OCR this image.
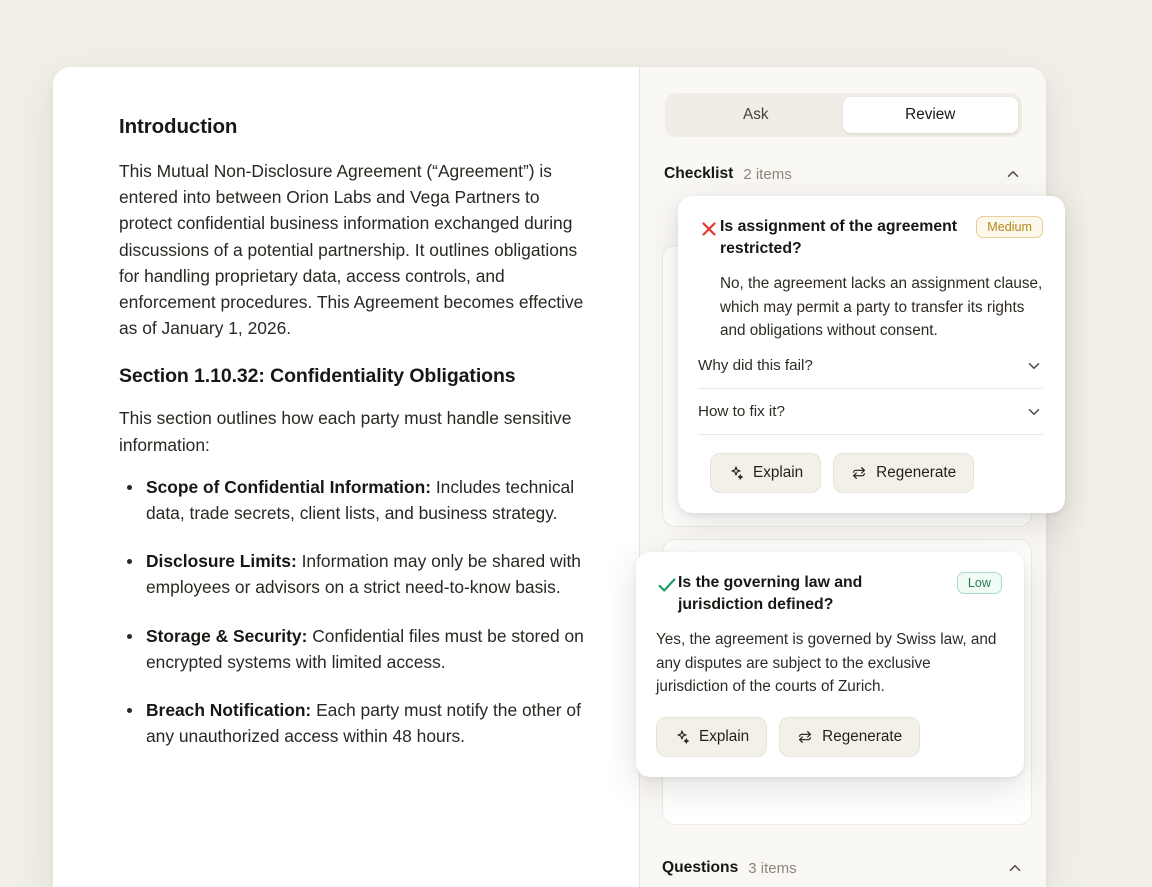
Introduction

This Mutual Non-Disclosure Agreement (“Agreement”) is entered into between Orion Labs and Vega Partners to protect confidential business information exchanged during discussions of a potential partnership. It outlines obligations for handling proprietary data, access controls, and enforcement procedures. This Agreement becomes effective as of January 1, 2026.

Section 1.10.32: Confidentiality Obligations

This section outlines how each party must handle sensitive information:

Scope of Confidential Information: Includes technical data, trade secrets, client lists, and business strategy.
Disclosure Limits: Information may only be shared with employees or advisors on a strict need-to-know basis.
Storage & Security: Confidential files must be stored on encrypted systems with limited access.
Breach Notification: Each party must notify the other of any unauthorized access within 48 hours.
Ask	Review
Checklist 2 items
Questions 3 items
Is assignment of the agreement restricted?
Medium
No, the agreement lacks an assignment clause, which may permit a party to transfer its rights and obligations without consent.
Why did this fail?
How to fix it?
Explain	Regenerate
Is the governing law and jurisdiction defined?
Low
Yes, the agreement is governed by Swiss law, and any disputes are subject to the exclusive jurisdiction of the courts of Zurich.
Explain	Regenerate
